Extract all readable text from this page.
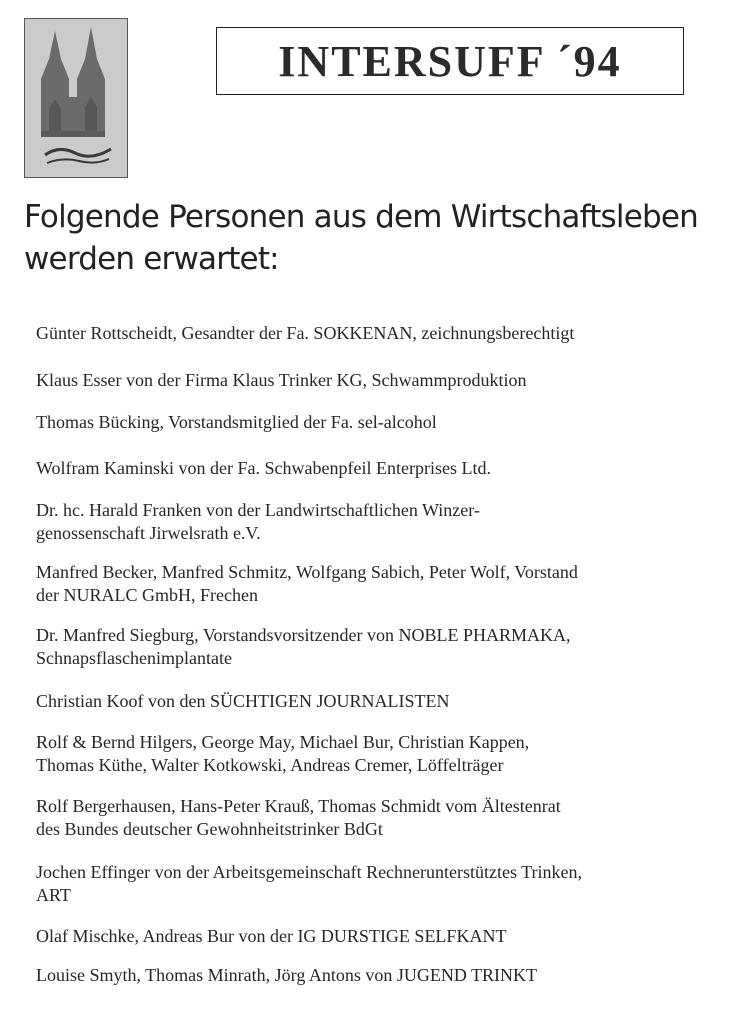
INTERSUFF ´94
Folgende Personen aus dem Wirtschaftsleben
werden erwartet:
Günter Rottscheidt, Gesandter der Fa. SOKKENAN, zeichnungsberechtigt
Klaus Esser von der Firma Klaus Trinker KG, Schwammproduktion
Thomas Bücking, Vorstandsmitglied der Fa. sel-alcohol
Wolfram Kaminski von der Fa. Schwabenpfeil Enterprises Ltd.
Dr. hc. Harald Franken von der Landwirtschaftlichen Winzer-
genossenschaft Jirwelsrath e.V.
Manfred Becker, Manfred Schmitz, Wolfgang Sabich, Peter Wolf, Vorstand
der NURALC GmbH, Frechen
Dr. Manfred Siegburg, Vorstandsvorsitzender von NOBLE PHARMAKA,
Schnapsflaschenimplantate
Christian Koof von den SÜCHTIGEN JOURNALISTEN
Rolf & Bernd Hilgers, George May, Michael Bur, Christian Kappen,
Thomas Küthe, Walter Kotkowski, Andreas Cremer, Löffelträger
Rolf Bergerhausen, Hans-Peter Krauß, Thomas Schmidt vom Ältestenrat
des Bundes deutscher Gewohnheitstrinker BdGt
Jochen Effinger von der Arbeitsgemeinschaft Rechnerunterstütztes Trinken,
ART
Olaf Mischke, Andreas Bur von der IG DURSTIGE SELFKANT
Louise Smyth, Thomas Minrath, Jörg Antons von JUGEND TRINKT
